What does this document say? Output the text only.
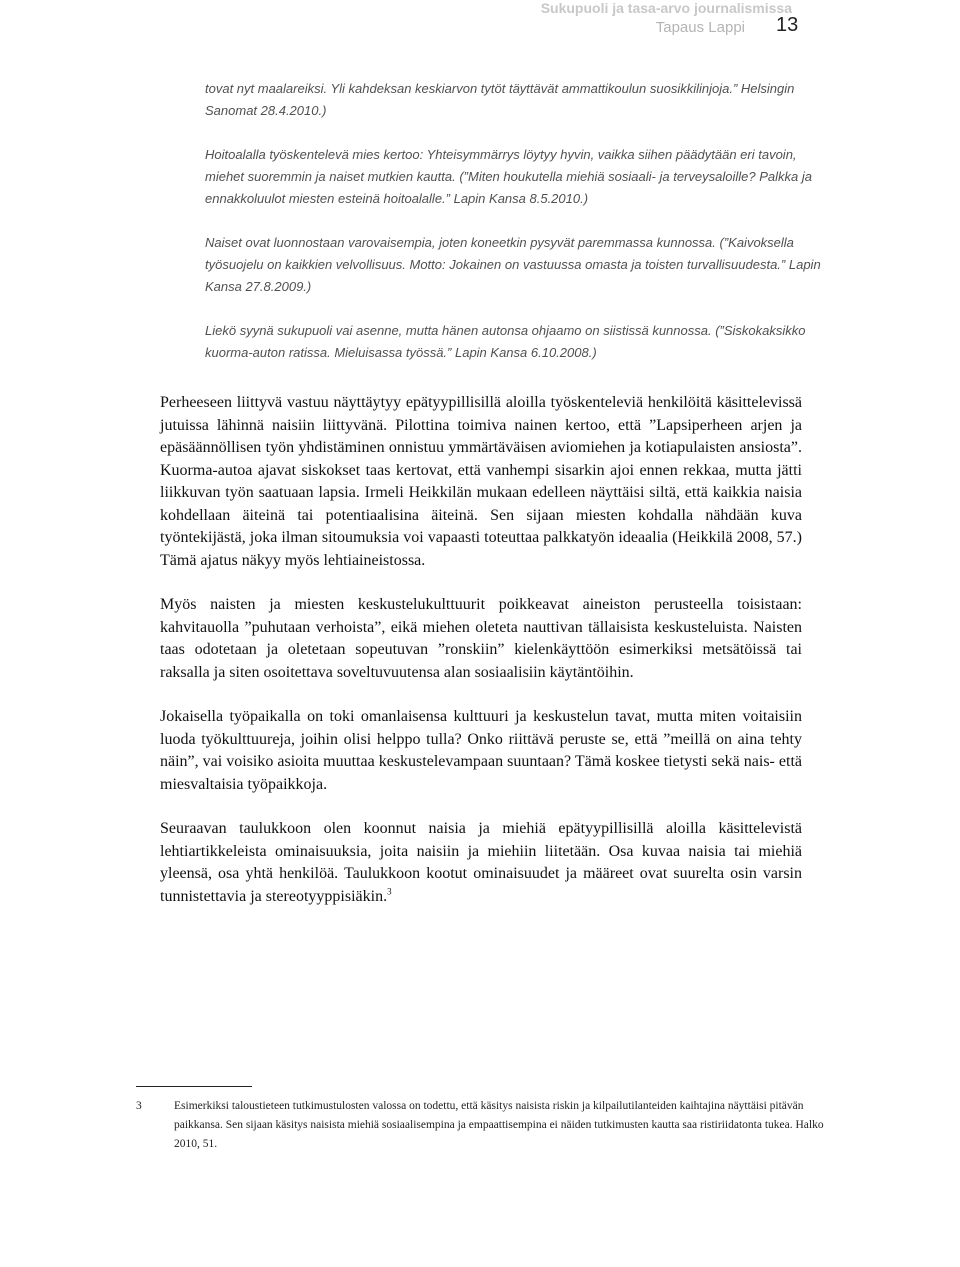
Sukupuoli ja tasa-arvo journalismissa
Tapaus Lappi 13

tovat nyt maalareiksi. Yli kahdeksan keskiarvon tytöt täyttävät ammattikoulun suosikkilinjoja.” Helsingin Sanomat 28.4.2010.)

Hoitoalalla työskentelevä mies kertoo: Yhteisymmärrys löytyy hyvin, vaikka siihen päädytään eri tavoin, miehet suoremmin ja naiset mutkien kautta. (”Miten houkutella miehiä sosiaali- ja terveysaloille? Palkka ja ennakkoluulot miesten esteinä hoitoalalle.” Lapin Kansa 8.5.2010.)

Naiset ovat luonnostaan varovaisempia, joten koneetkin pysyvät paremmassa kunnossa. (”Kaivoksella työsuojelu on kaikkien velvollisuus. Motto: Jokainen on vastuussa omasta ja toisten turvallisuudesta.” Lapin Kansa 27.8.2009.)

Liekö syynä sukupuoli vai asenne, mutta hänen autonsa ohjaamo on siistissä kunnossa. (”Siskokaksikko kuorma-auton ratissa. Mieluisassa työssä.” Lapin Kansa 6.10.2008.)

Perheeseen liittyvä vastuu näyttäytyy epätyypillisillä aloilla työskenteleviä henkilöitä käsittelevissä jutuissa lähinnä naisiin liittyvänä. Pilottina toimiva nainen kertoo, että ”Lapsiperheen arjen ja epäsäännöllisen työn yhdistäminen onnistuu ymmärtäväisen aviomiehen ja kotiapulaisten ansiosta”. Kuorma-autoa ajavat siskokset taas kertovat, että vanhempi sisarkin ajoi ennen rekkaa, mutta jätti liikkuvan työn saatuaan lapsia. Irmeli Heikkilän mukaan edelleen näyttäisi siltä, että kaikkia naisia kohdellaan äiteinä tai potentiaalisina äiteinä. Sen sijaan miesten kohdalla nähdään kuva työntekijästä, joka ilman sitoumuksia voi vapaasti toteuttaa palkkatyön ideaalia (Heikkilä 2008, 57.) Tämä ajatus näkyy myös lehtiaineistossa.

Myös naisten ja miesten keskustelukulttuurit poikkeavat aineiston perusteella toisistaan: kahvitauolla ”puhutaan verhoista”, eikä miehen oleteta nauttivan tällaisista keskusteluista. Naisten taas odotetaan ja oletetaan sopeutuvan ”ronskiin” kielenkäyttöön esimerkiksi metsätöissä tai raksalla ja siten osoitettava soveltuvuutensa alan sosiaalisiin käytäntöihin.

Jokaisella työpaikalla on toki omanlaisensa kulttuuri ja keskustelun tavat, mutta miten voitaisiin luoda työkulttuureja, joihin olisi helppo tulla? Onko riittävä peruste se, että ”meillä on aina tehty näin”, vai voisiko asioita muuttaa keskustelevampaan suuntaan? Tämä koskee tietysti sekä nais- että miesvaltaisia työpaikkoja.

Seuraavan taulukkoon olen koonnut naisia ja miehiä epätyypillisillä aloilla käsittelevistä lehtiartikkeleista ominaisuuksia, joita naisiin ja miehiin liitetään. Osa kuvaa naisia tai miehiä yleensä, osa yhtä henkilöä. Taulukkoon kootut ominaisuudet ja määreet ovat suurelta osin varsin tunnistettavia ja stereotyyppisiäkin.$^3$

3	Esimerkiksi taloustieteen tutkimustulosten valossa on todettu, että käsitys naisista riskin ja kilpailutilanteiden kaihtajina näyttäisi pitävän paikkansa. Sen sijaan käsitys naisista miehiä sosiaalisempina ja empaattisempina ei näiden tutkimusten kautta saa ristiriidatonta tukea. Halko 2010, 51.
